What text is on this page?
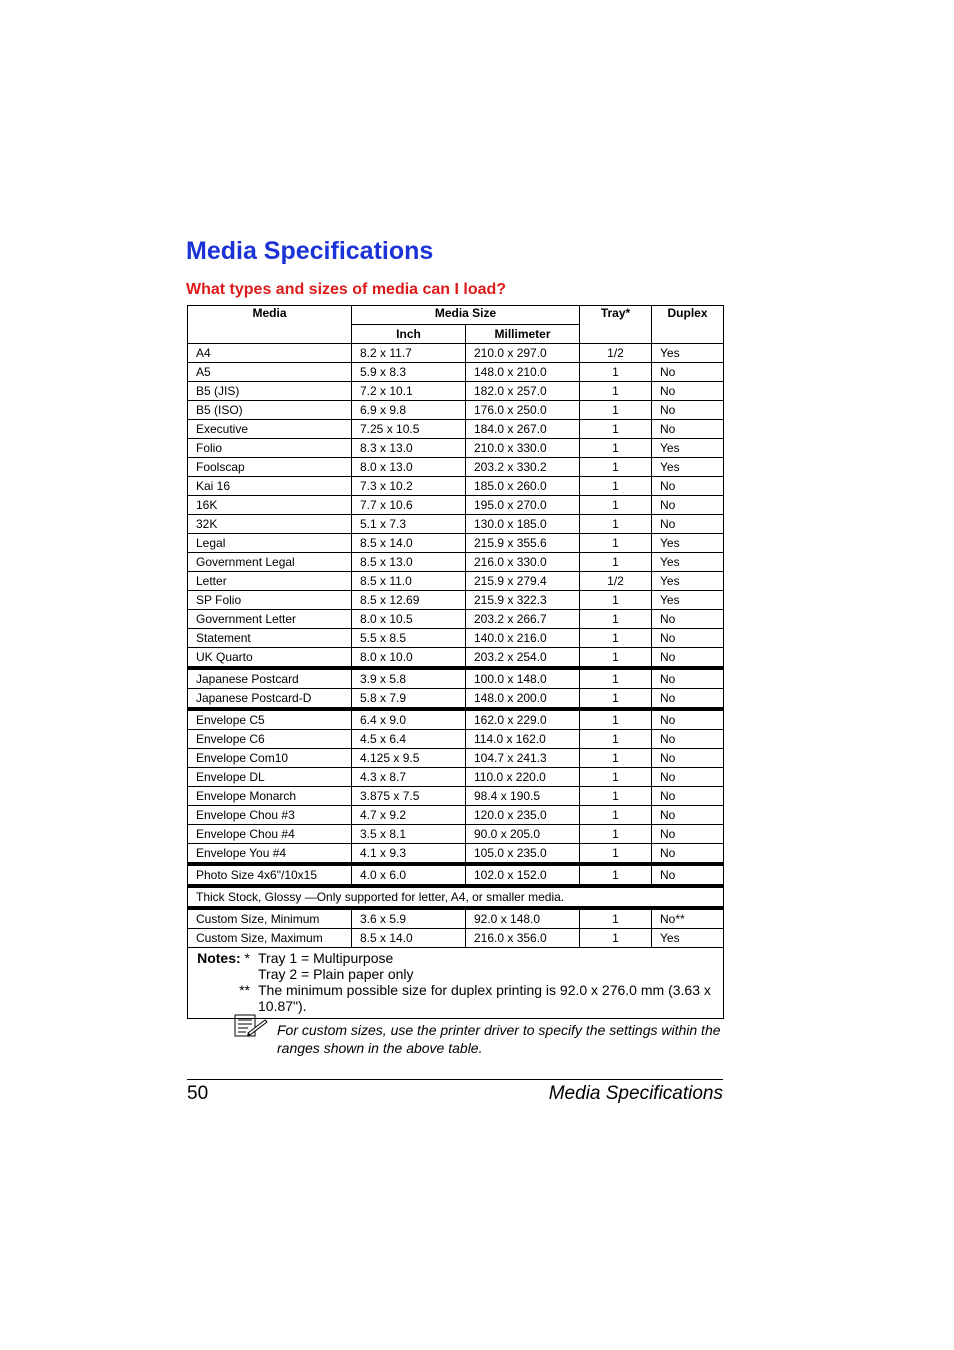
Media Specifications
What types and sizes of media can I load?
Media	Media Size		Tray*	Duplex
	Inch	Millimeter		
A4	8.2 x 11.7	210.0 x 297.0	1/2	Yes
A5	5.9 x 8.3	148.0 x 210.0	1	No
B5 (JIS)	7.2 x 10.1	182.0 x 257.0	1	No
B5 (ISO)	6.9 x 9.8	176.0 x 250.0	1	No
Executive	7.25 x 10.5	184.0 x 267.0	1	No
Folio	8.3 x 13.0	210.0 x 330.0	1	Yes
Foolscap	8.0 x 13.0	203.2 x 330.2	1	Yes
Kai 16	7.3 x 10.2	185.0 x 260.0	1	No
16K	7.7 x 10.6	195.0 x 270.0	1	No
32K	5.1 x 7.3	130.0 x 185.0	1	No
Legal	8.5 x 14.0	215.9 x 355.6	1	Yes
Government Legal	8.5 x 13.0	216.0 x 330.0	1	Yes
Letter	8.5 x 11.0	215.9 x 279.4	1/2	Yes
SP Folio	8.5 x 12.69	215.9 x 322.3	1	Yes
Government Letter	8.0 x 10.5	203.2 x 266.7	1	No
Statement	5.5 x 8.5	140.0 x 216.0	1	No
UK Quarto	8.0 x 10.0	203.2 x 254.0	1	No
Japanese Postcard	3.9 x 5.8	100.0 x 148.0	1	No
Japanese Postcard-D	5.8 x 7.9	148.0 x 200.0	1	No
Envelope C5	6.4 x 9.0	162.0 x 229.0	1	No
Envelope C6	4.5 x 6.4	114.0 x 162.0	1	No
Envelope Com10	4.125 x 9.5	104.7 x 241.3	1	No
Envelope DL	4.3 x 8.7	110.0 x 220.0	1	No
Envelope Monarch	3.875 x 7.5	98.4 x 190.5	1	No
Envelope Chou #3	4.7 x 9.2	120.0 x 235.0	1	No
Envelope Chou #4	3.5 x 8.1	90.0 x 205.0	1	No
Envelope You #4	4.1 x 9.3	105.0 x 235.0	1	No
Photo Size 4x6"/10x15	4.0 x 6.0	102.0 x 152.0	1	No
Thick Stock, Glossy —Only supported for letter, A4, or smaller media.				
Custom Size, Minimum	3.6 x 5.9	92.0 x 148.0	1	No**
Custom Size, Maximum	8.5 x 14.0	216.0 x 356.0	1	Yes

Notes: * Tray 1 = Multipurpose
Tray 2 = Plain paper only
** The minimum possible size for duplex printing is 92.0 x 276.0 mm (3.63 x 10.87").				
For custom sizes, use the printer driver to specify the settings within the ranges shown in the above table.
50	Media Specifications
